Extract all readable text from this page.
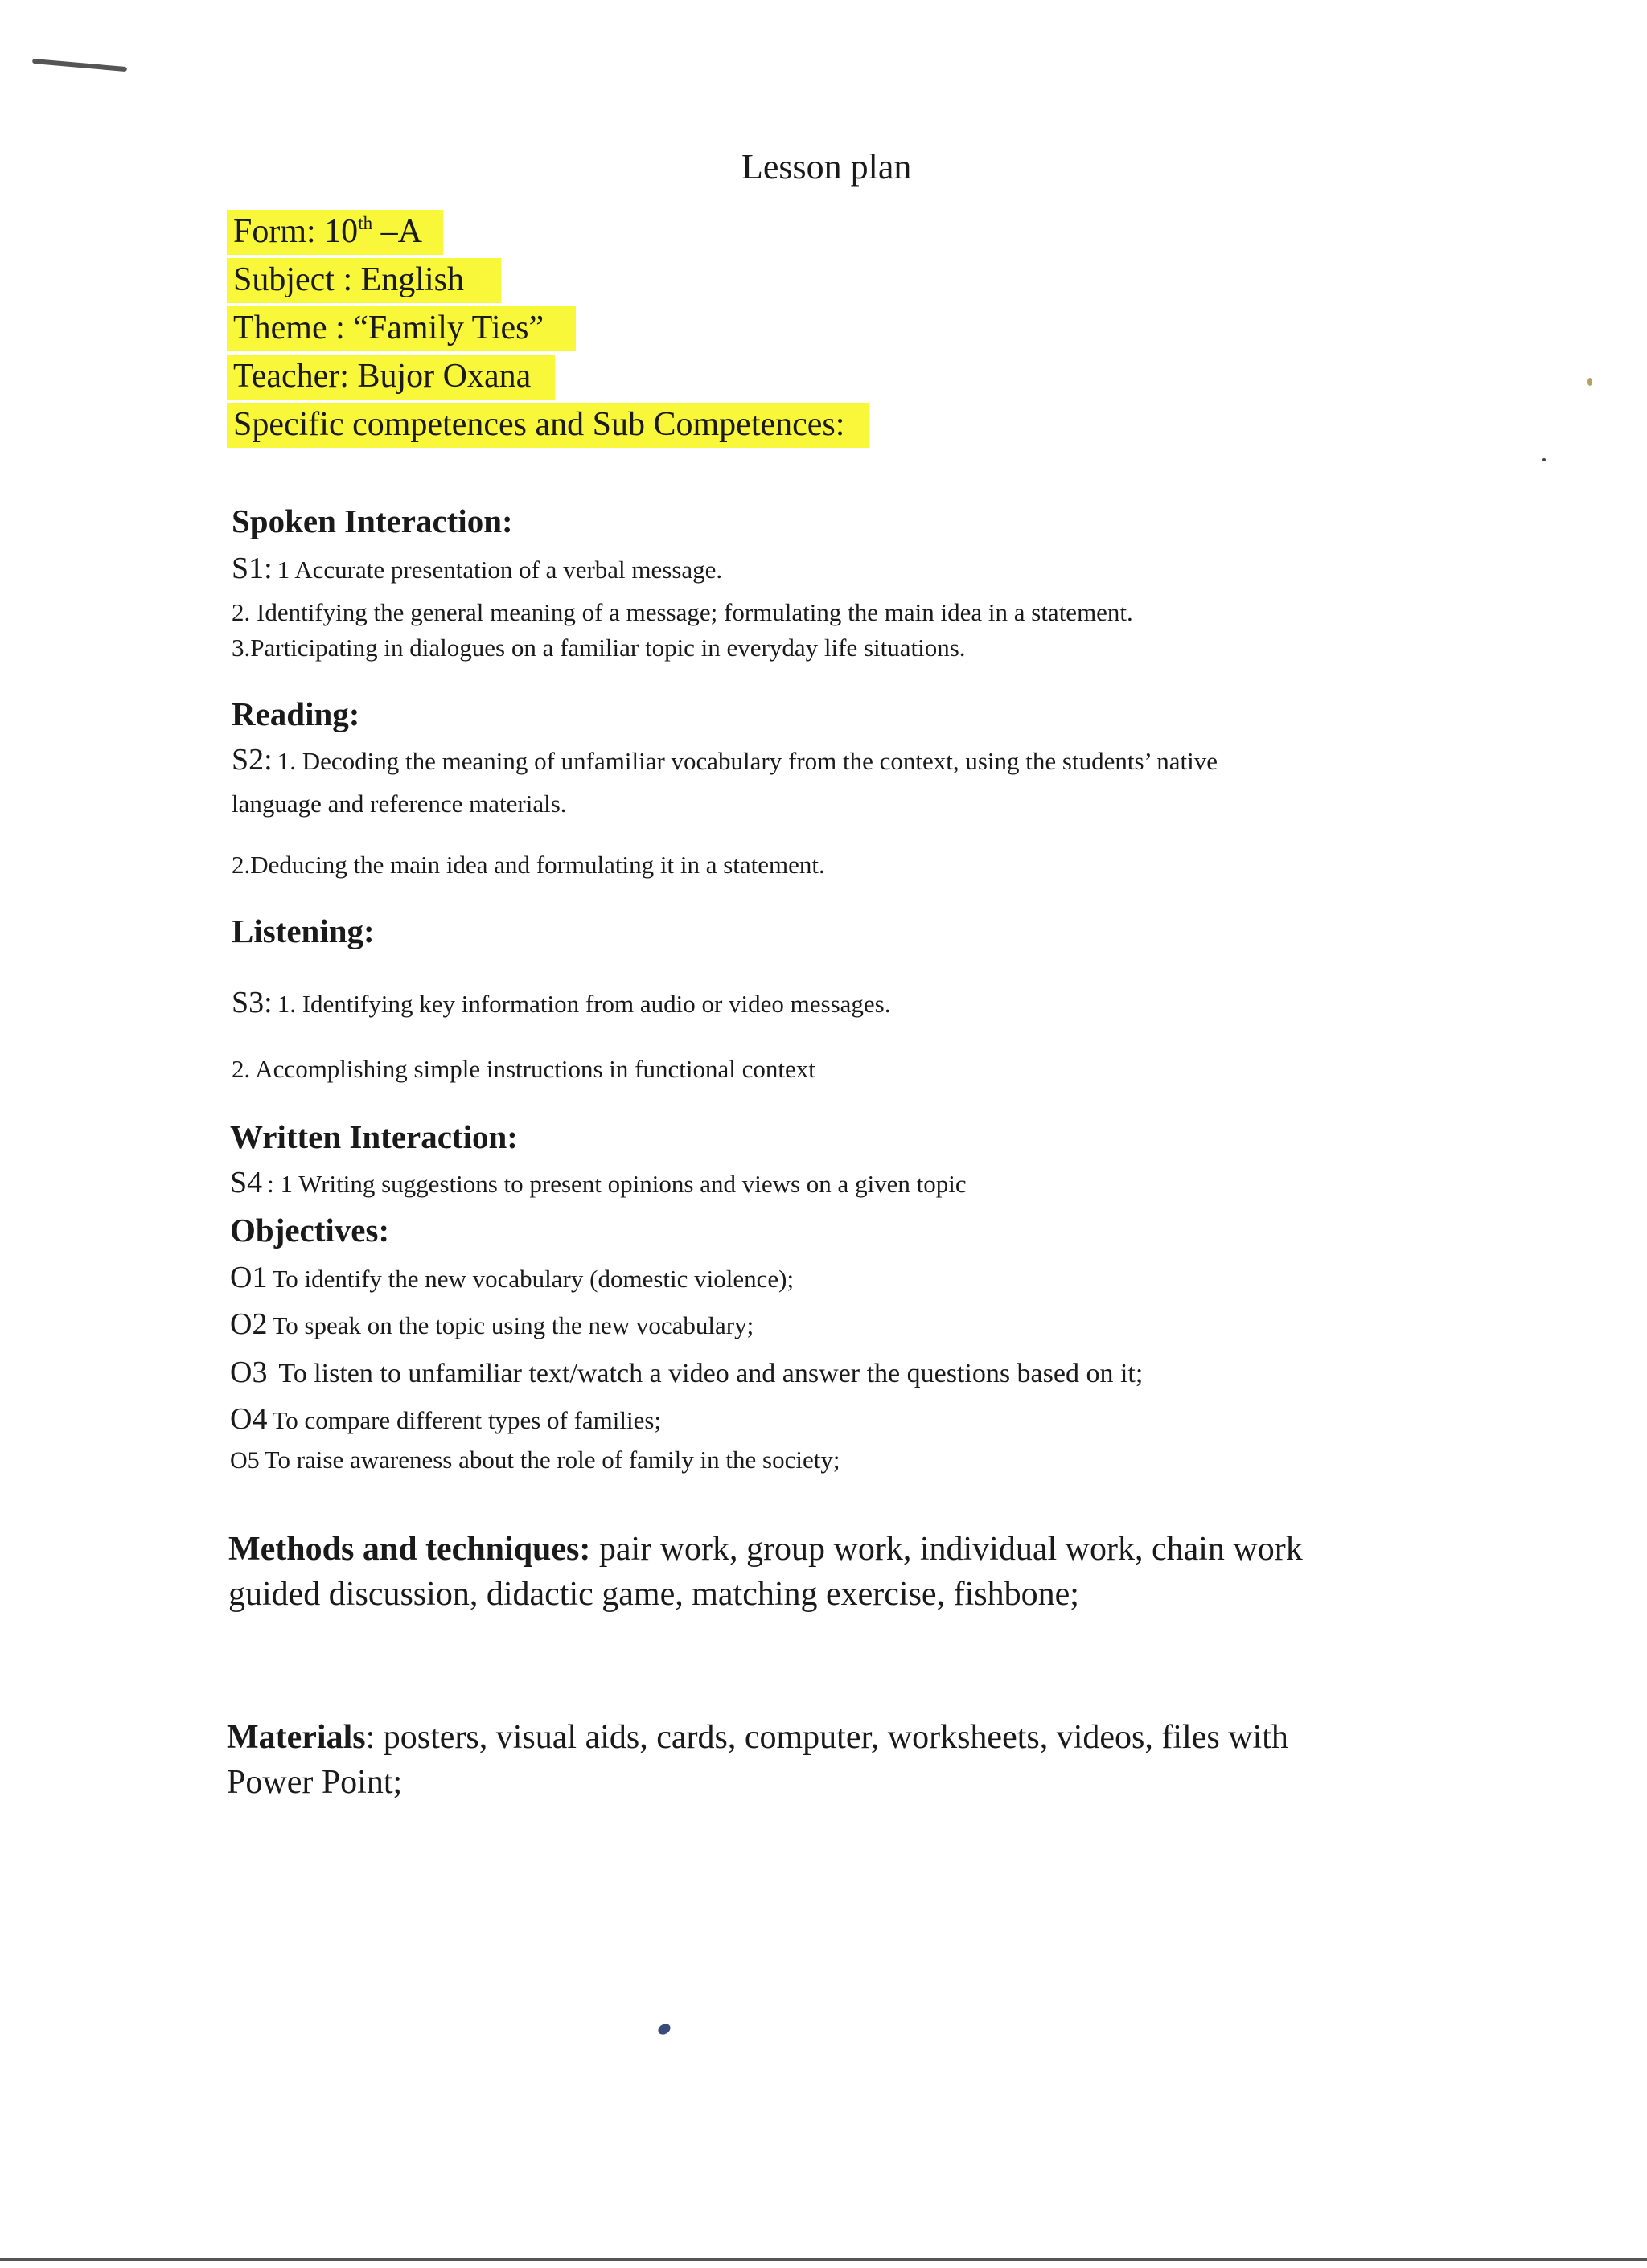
Lesson plan
Form: 10th –A
Subject : English
Theme : “Family Ties”
Teacher: Bujor Oxana
Specific competences and Sub Competences:
Spoken Interaction:
S1: 1 Accurate presentation of a verbal message.
2. Identifying the general meaning of a message; formulating the main idea in a statement.
3.Participating in dialogues on a familiar topic in everyday life situations.
Reading:
S2: 1. Decoding the meaning of unfamiliar vocabulary from the context, using the students’ native
language and reference materials.
2.Deducing the main idea and formulating it in a statement.
Listening:
S3: 1. Identifying key information from audio or video messages.
2. Accomplishing simple instructions in functional context
Written Interaction:
S4 : 1 Writing suggestions to present opinions and views on a given topic
Objectives:
O1 To identify the new vocabulary (domestic violence);
O2 To speak on the topic using the new vocabulary;
O3 To listen to unfamiliar text/watch a video and answer the questions based on it;
O4 To compare different types of families;
O5 To raise awareness about the role of family in the society;
Methods and techniques: pair work, group work, individual work, chain work
guided discussion, didactic game, matching exercise, fishbone;
Materials: posters, visual aids, cards, computer, worksheets, videos, files with
Power Point;
